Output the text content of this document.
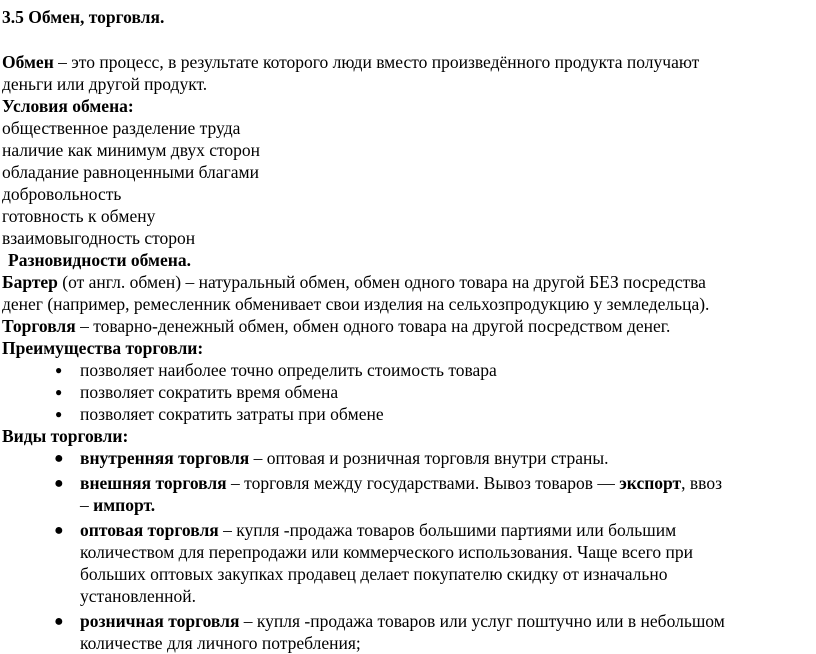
3.5 Обмен, торговля.
Обмен – это процесс, в результате которого люди вместо произведённого продукта получают
деньги или другой продукт.
Условия обмена:
общественное разделение труда
наличие как минимум двух сторон
обладание равноценными благами
добровольность
готовность к обмену
взаимовыгодность сторон
Разновидности обмена.
Бартер (от англ. обмен) – натуральный обмен, обмен одного товара на другой БЕЗ посредства
денег (например, ремесленник обменивает свои изделия на сельхозпродукцию у земледельца).
Торговля – товарно-денежный обмен, обмен одного товара на другой посредством денег.
Преимущества торговли:
● позволяет наиболее точно определить стоимость товара
● позволяет сократить время обмена
● позволяет сократить затраты при обмене
Виды торговли:
● внутренняя торговля – оптовая и розничная торговля внутри страны.
● внешняя торговля – торговля между государствами. Вывоз товаров — экспорт, ввоз
– импорт.
● оптовая торговля – купля -продажа товаров большими партиями или большим
количеством для перепродажи или коммерческого использования. Чаще всего при
больших оптовых закупках продавец делает покупателю скидку от изначально
установленной.
● розничная торговля – купля -продажа товаров или услуг поштучно или в небольшом
количестве для личного потребления;
